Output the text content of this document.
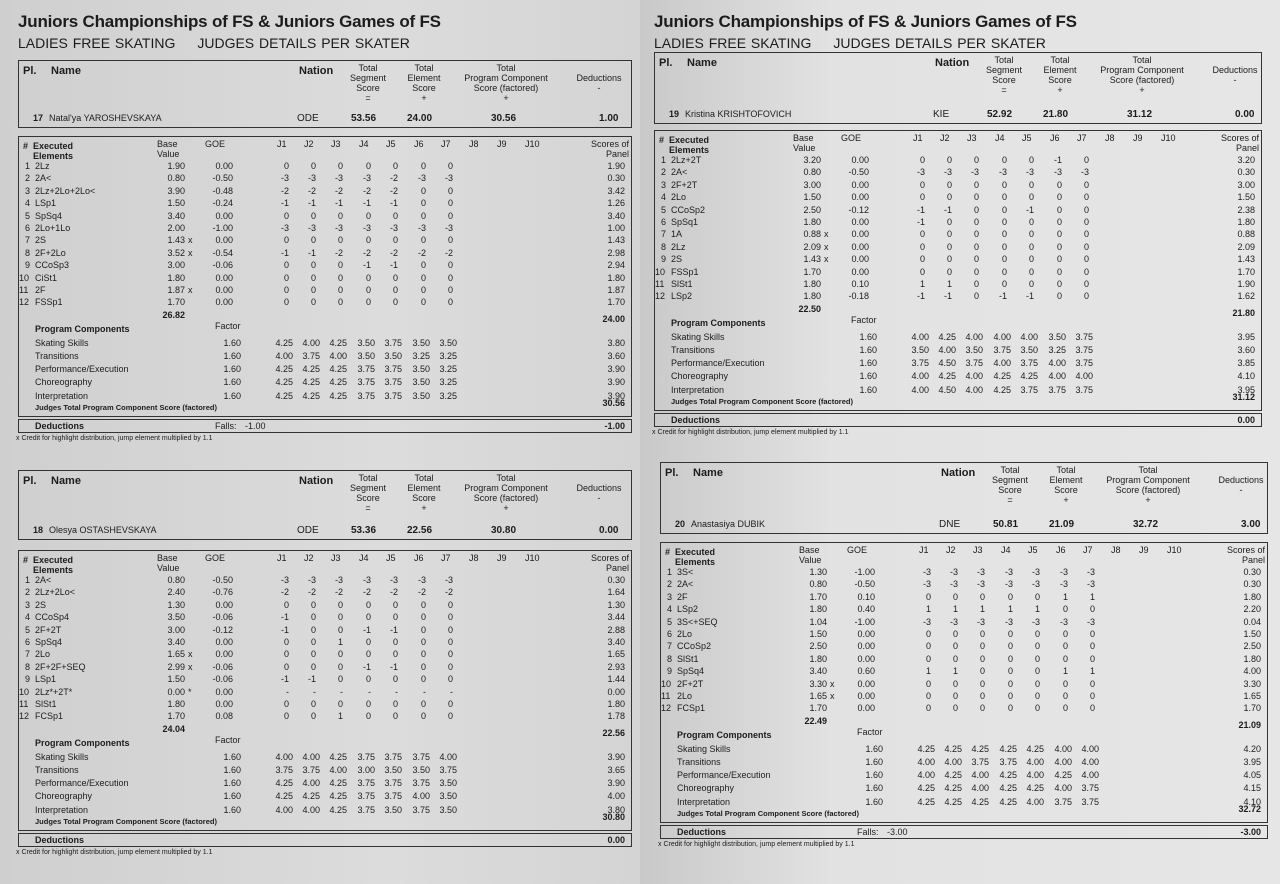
Juniors Championships of FS & Juniors Games of FS
LADIES FREE SKATING JUDGES DETAILS PER SKATER
Pl. Name	Nation	Total
Segment
Score
=
Total
Element
Score
+
Total
Program Component
Score (factored)
+
Deductions
-
17 Natal'ya YAROSHEVSKAYA	ODE	53.56	24.00	30.56	1.00
# Executed
Elements
Base
Value
GOE	J1 J2 J3 J4 J5 J6 J7 J8 J9 J10	Scores of
Panel
1 2Lz	1.90	0.00	0	0	0	0	0	0	0	1.90
2 2A<	0.80	-0.50	-3	-3	-3	-3	-2	-3	-3	0.30
3 2Lz+2Lo+2Lo<	3.90	-0.48	-2	-2	-2	-2	-2	0	0	3.42
4 LSp1	1.50	-0.24	-1	-1	-1	-1	-1	0	0	1.26
5 SpSq4	3.40	0.00	0	0	0	0	0	0	0	3.40
6 2Lo+1Lo	2.00	-1.00	-3	-3	-3	-3	-3	-3	-3	1.00
7 2S	1.43 x	0.00	0	0	0	0	0	0	0	1.43
8 2F+2Lo	3.52 x	-0.54	-1	-1	-2	-2	-2	-2	-2	2.98
9 CCoSp3	3.00	-0.06	0	0	0	-1	-1	0	0	2.94
10 CiSt1	1.80	0.00	0	0	0	0	0	0	0	1.80
11 2F	1.87 x	0.00	0	0	0	0	0	0	0	1.87
12 FSSp1	1.70	0.00	0	0	0	0	0	0	0	1.70
26.82	24.00
Program Components	Factor
Skating Skills	1.60	4.25	4.00	4.25	3.50	3.75	3.50	3.50	3.80
Transitions	1.60	4.00	3.75	4.00	3.50	3.50	3.25	3.25	3.60
Performance/Execution	1.60	4.25	4.25	4.25	3.75	3.75	3.50	3.25	3.90
Choreography	1.60	4.25	4.25	4.25	3.75	3.75	3.50	3.25	3.90
Interpretation	1.60	4.25	4.25	4.25	3.75	3.75	3.50	3.25	3.90
Judges Total Program Component Score (factored)	30.56
Deductions	Falls: -1.00	-1.00
x Credit for highlight distribution, jump element multiplied by 1.1
Pl. Name	Nation	Total
Segment
Score
=
Total
Element
Score
+
Total
Program Component
Score (factored)
+
Deductions
-
18 Olesya OSTASHEVSKAYA	ODE	53.36	22.56	30.80	0.00
# Executed
Elements
Base
Value
GOE	J1 J2 J3 J4 J5 J6 J7 J8 J9 J10	Scores of
Panel
1 2A<	0.80	-0.50	-3	-3	-3	-3	-3	-3	-3	0.30
2 2Lz+2Lo<	2.40	-0.76	-2	-2	-2	-2	-2	-2	-2	1.64
3 2S	1.30	0.00	0	0	0	0	0	0	0	1.30
4 CCoSp4	3.50	-0.06	-1	0	0	0	0	0	0	3.44
5 2F+2T	3.00	-0.12	-1	0	0	-1	-1	0	0	2.88
6 SpSq4	3.40	0.00	0	0	1	0	0	0	0	3.40
7 2Lo	1.65 x	0.00	0	0	0	0	0	0	0	1.65
8 2F+2F+SEQ	2.99 x	-0.06	0	0	0	-1	-1	0	0	2.93
9 LSp1	1.50	-0.06	-1	-1	0	0	0	0	0	1.44
10 2Lz*+2T*	0.00 *	0.00	-	-	-	-	-	-	-	0.00
11 SlSt1	1.80	0.00	0	0	0	0	0	0	0	1.80
12 FCSp1	1.70	0.08	0	0	1	0	0	0	0	1.78
24.04	22.56
Program Components	Factor
Skating Skills	1.60	4.00	4.00	4.25	3.75	3.75	3.75	4.00	3.90
Transitions	1.60	3.75	3.75	4.00	3.00	3.50	3.50	3.75	3.65
Performance/Execution	1.60	4.25	4.00	4.25	3.75	3.75	3.75	3.50	3.90
Choreography	1.60	4.25	4.25	4.25	3.75	3.75	4.00	3.50	4.00
Interpretation	1.60	4.00	4.00	4.25	3.75	3.50	3.75	3.50	3.80
Judges Total Program Component Score (factored)	30.80
Deductions	0.00
x Credit for highlight distribution, jump element multiplied by 1.1
Juniors Championships of FS & Juniors Games of FS
LADIES FREE SKATING JUDGES DETAILS PER SKATER
Pl. Name	Nation	Total
Segment
Score
=
Total
Element
Score
+
Total
Program Component
Score (factored)
+
Deductions
-
19 Kristina KRISHTOFOVICH	KIE	52.92	21.80	31.12	0.00
# Executed
Elements
Base
Value
GOE	J1 J2 J3 J4 J5 J6 J7 J8 J9 J10	Scores of
Panel
1 2Lz+2T	3.20	0.00	0	0	0	0	0	-1	0	3.20
2 2A<	0.80	-0.50	-3	-3	-3	-3	-3	-3	-3	0.30
3 2F+2T	3.00	0.00	0	0	0	0	0	0	0	3.00
4 2Lo	1.50	0.00	0	0	0	0	0	0	0	1.50
5 CCoSp2	2.50	-0.12	-1	-1	0	0	-1	0	0	2.38
6 SpSq1	1.80	0.00	-1	0	0	0	0	0	0	1.80
7 1A	0.88 x	0.00	0	0	0	0	0	0	0	0.88
8 2Lz	2.09 x	0.00	0	0	0	0	0	0	0	2.09
9 2S	1.43 x	0.00	0	0	0	0	0	0	0	1.43
10 FSSp1	1.70	0.00	0	0	0	0	0	0	0	1.70
11 SlSt1	1.80	0.10	1	1	0	0	0	0	0	1.90
12 LSp2	1.80	-0.18	-1	-1	0	-1	-1	0	0	1.62
22.50	21.80
Program Components	Factor
Skating Skills	1.60	4.00	4.25	4.00	4.00	4.00	3.50	3.75	3.95
Transitions	1.60	3.50	4.00	3.50	3.75	3.50	3.25	3.75	3.60
Performance/Execution	1.60	3.75	4.50	3.75	4.00	3.75	4.00	3.75	3.85
Choreography	1.60	4.00	4.25	4.00	4.25	4.25	4.00	4.00	4.10
Interpretation	1.60	4.00	4.50	4.00	4.25	3.75	3.75	3.75	3.95
Judges Total Program Component Score (factored)	31.12
Deductions	0.00
x Credit for highlight distribution, jump element multiplied by 1.1
Pl. Name	Nation	Total
Segment
Score
=
Total
Element
Score
+
Total
Program Component
Score (factored)
+
Deductions
-
20 Anastasiya DUBIK	DNE	50.81	21.09	32.72	3.00
# Executed
Elements
Base
Value
GOE	J1 J2 J3 J4 J5 J6 J7 J8 J9 J10	Scores of
Panel
1 3S<	1.30	-1.00	-3	-3	-3	-3	-3	-3	-3	0.30
2 2A<	0.80	-0.50	-3	-3	-3	-3	-3	-3	-3	0.30
3 2F	1.70	0.10	0	0	0	0	0	1	1	1.80
4 LSp2	1.80	0.40	1	1	1	1	1	0	0	2.20
5 3S<+SEQ	1.04	-1.00	-3	-3	-3	-3	-3	-3	-3	0.04
6 2Lo	1.50	0.00	0	0	0	0	0	0	0	1.50
7 CCoSp2	2.50	0.00	0	0	0	0	0	0	0	2.50
8 SlSt1	1.80	0.00	0	0	0	0	0	0	0	1.80
9 SpSq4	3.40	0.60	1	1	0	0	0	1	1	4.00
10 2F+2T	3.30 x	0.00	0	0	0	0	0	0	0	3.30
11 2Lo	1.65 x	0.00	0	0	0	0	0	0	0	1.65
12 FCSp1	1.70	0.00	0	0	0	0	0	0	0	1.70
22.49	21.09
Program Components	Factor
Skating Skills	1.60	4.25	4.25	4.25	4.25	4.25	4.00	4.00	4.20
Transitions	1.60	4.00	4.00	3.75	3.75	4.00	4.00	4.00	3.95
Performance/Execution	1.60	4.00	4.25	4.00	4.25	4.00	4.25	4.00	4.05
Choreography	1.60	4.25	4.25	4.00	4.25	4.25	4.00	3.75	4.15
Interpretation	1.60	4.25	4.25	4.25	4.25	4.00	3.75	3.75	4.10
Judges Total Program Component Score (factored)	32.72
Deductions	Falls: -3.00	-3.00
x Credit for highlight distribution, jump element multiplied by 1.1
